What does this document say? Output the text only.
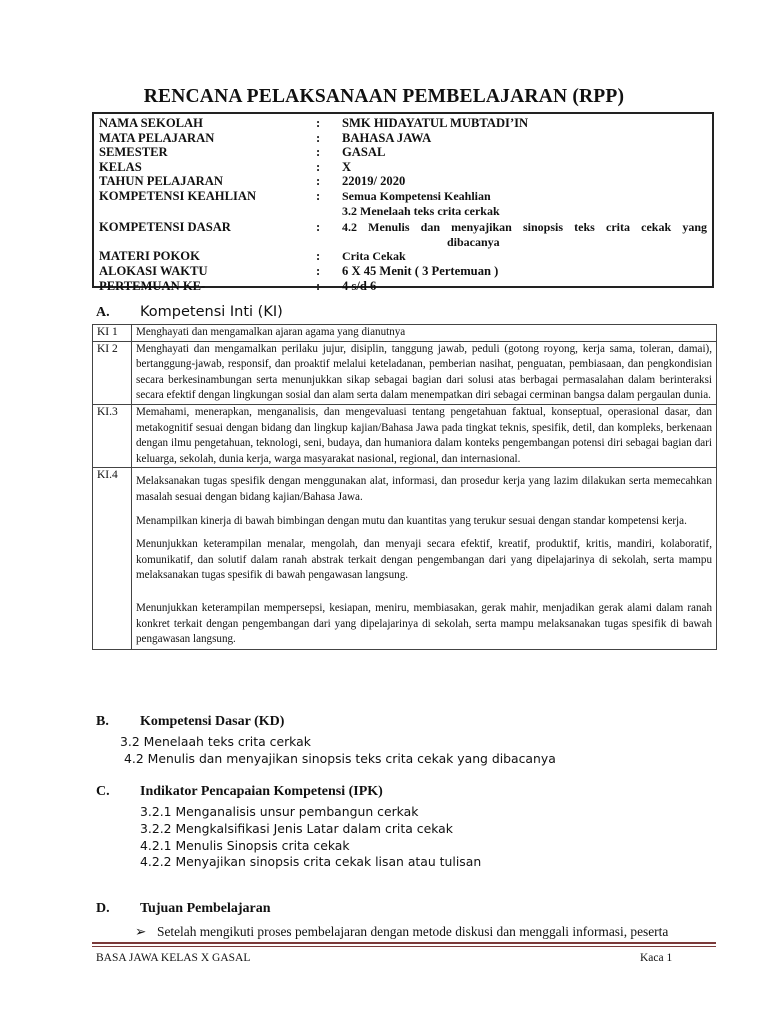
RENCANA PELAKSANAAN PEMBELAJARAN (RPP)
NAMA SEKOLAH	:	SMK HIDAYATUL MUBTADI’IN
MATA PELAJARAN	:	BAHASA JAWA
SEMESTER	:	GASAL
KELAS	:	X
TAHUN PELAJARAN	:	22019/ 2020
KOMPETENSI KEAHLIAN	:	Semua Kompetensi Keahlian
3.2 Menelaah teks crita cerkak
KOMPETENSI DASAR	:	4.2 Menulis dan menyajikan sinopsis teks crita cekak yang
dibacanya
MATERI POKOK	:	Crita Cekak
ALOKASI WAKTU	:	6 X 45 Menit ( 3 Pertemuan )
PERTEMUAN KE-	:	4 s/d 6
A. Kompetensi Inti (KI)
KI 1	Menghayati dan mengamalkan ajaran agama yang dianutnya

KI 2	Menghayati dan mengamalkan perilaku jujur, disiplin, tanggung jawab, peduli (gotong royong, kerja sama, toleran, damai), bertanggung-jawab, responsif, dan proaktif melalui keteladanan, pemberian nasihat, penguatan, pembiasaan, dan pengkondisian secara berkesinambungan serta menunjukkan sikap sebagai bagian dari solusi atas berbagai permasalahan dalam berinteraksi secara efektif dengan lingkungan sosial dan alam serta dalam menempatkan diri sebagai cerminan bangsa dalam pergaulan dunia.

KI.3	Memahami, menerapkan, menganalisis, dan mengevaluasi tentang pengetahuan faktual, konseptual, operasional dasar, dan metakognitif sesuai dengan bidang dan lingkup kajian/Bahasa Jawa pada tingkat teknis, spesifik, detil, dan kompleks, berkenaan dengan ilmu pengetahuan, teknologi, seni, budaya, dan humaniora dalam konteks pengembangan potensi diri sebagai bagian dari keluarga, sekolah, dunia kerja, warga masyarakat nasional, regional, dan internasional.

KI.4	Melaksanakan tugas spesifik dengan menggunakan alat, informasi, dan prosedur kerja yang lazim dilakukan serta memecahkan masalah sesuai dengan bidang kajian/Bahasa Jawa.

Menampilkan kinerja di bawah bimbingan dengan mutu dan kuantitas yang terukur sesuai dengan standar kompetensi kerja.

Menunjukkan keterampilan menalar, mengolah, dan menyaji secara efektif, kreatif, produktif, kritis, mandiri, kolaboratif, komunikatif, dan solutif dalam ranah abstrak terkait dengan pengembangan dari yang dipelajarinya di sekolah, serta mampu melaksanakan tugas spesifik di bawah pengawasan langsung.

Menunjukkan keterampilan mempersepsi, kesiapan, meniru, membiasakan, gerak mahir, menjadikan gerak alami dalam ranah konkret terkait dengan pengembangan dari yang dipelajarinya di sekolah, serta mampu melaksanakan tugas spesifik di bawah pengawasan langsung.

B. Kompetensi Dasar (KD)
3.2 Menelaah teks crita cerkak
4.2 Menulis dan menyajikan sinopsis teks crita cekak yang dibacanya
C. Indikator Pencapaian Kompetensi (IPK)
3.2.1 Menganalisis unsur pembangun cerkak
3.2.2 Mengkalsifikasi Jenis Latar dalam crita cekak
4.2.1 Menulis Sinopsis crita cekak
4.2.2 Menyajikan sinopsis crita cekak lisan atau tulisan
D. Tujuan Pembelajaran
➢ Setelah mengikuti proses pembelajaran dengan metode diskusi dan menggali informasi, peserta
BASA JAWA KELAS X GASAL	Kaca 1
